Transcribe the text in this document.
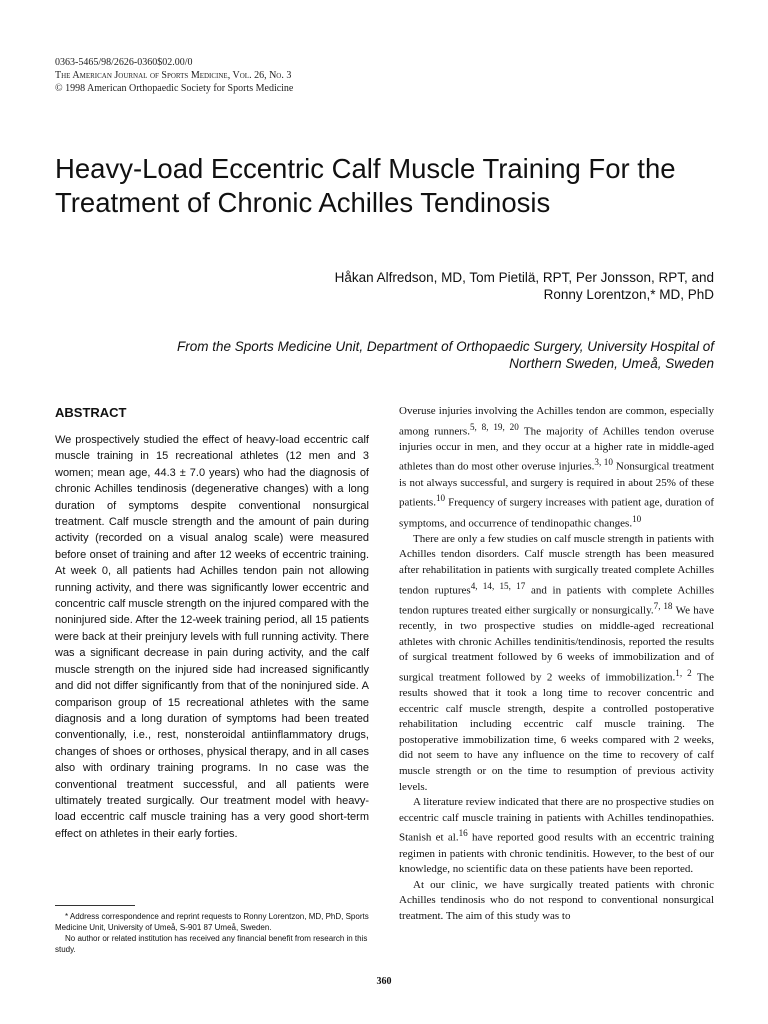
0363-5465/98/2626-0360$02.00/0
The American Journal of Sports Medicine, Vol. 26, No. 3
© 1998 American Orthopaedic Society for Sports Medicine
Heavy-Load Eccentric Calf Muscle Training For the Treatment of Chronic Achilles Tendinosis
Håkan Alfredson, MD, Tom Pietilä, RPT, Per Jonsson, RPT, and
Ronny Lorentzon,* MD, PhD
From the Sports Medicine Unit, Department of Orthopaedic Surgery, University Hospital of
Northern Sweden, Umeå, Sweden
ABSTRACT

We prospectively studied the effect of heavy-load eccentric calf muscle training in 15 recreational athletes (12 men and 3 women; mean age, 44.3 ± 7.0 years) who had the diagnosis of chronic Achilles tendinosis (degenerative changes) with a long duration of symptoms despite conventional nonsurgical treatment. Calf muscle strength and the amount of pain during activity (recorded on a visual analog scale) were measured before onset of training and after 12 weeks of eccentric training. At week 0, all patients had Achilles tendon pain not allowing running activity, and there was significantly lower eccentric and concentric calf muscle strength on the injured compared with the noninjured side. After the 12-week training period, all 15 patients were back at their preinjury levels with full running activity. There was a significant decrease in pain during activity, and the calf muscle strength on the injured side had increased significantly and did not differ significantly from that of the noninjured side. A comparison group of 15 recreational athletes with the same diagnosis and a long duration of symptoms had been treated conventionally, i.e., rest, nonsteroidal antiinflammatory drugs, changes of shoes or orthoses, physical therapy, and in all cases also with ordinary training programs. In no case was the conventional treatment successful, and all patients were ultimately treated surgically. Our treatment model with heavy-load eccentric calf muscle training has a very good short-term effect on athletes in their early forties.

* Address correspondence and reprint requests to Ronny Lorentzon, MD, PhD, Sports Medicine Unit, University of Umeå, S-901 87 Umeå, Sweden.

No author or related institution has received any financial benefit from research in this study.

Overuse injuries involving the Achilles tendon are common, especially among runners.$^{5, 8, 19, 20}$ The majority of Achilles tendon overuse injuries occur in men, and they occur at a higher rate in middle-aged athletes than do most other overuse injuries.$^{3, 10}$ Nonsurgical treatment is not always successful, and surgery is required in about 25% of these patients.$^{10}$ Frequency of surgery increases with patient age, duration of symptoms, and occurrence of tendinopathic changes.$^{10}$

There are only a few studies on calf muscle strength in patients with Achilles tendon disorders. Calf muscle strength has been measured after rehabilitation in patients with surgically treated complete Achilles tendon ruptures$^{4, 14, 15, 17}$ and in patients with complete Achilles tendon ruptures treated either surgically or nonsurgically.$^{7, 18}$ We have recently, in two prospective studies on middle-aged recreational athletes with chronic Achilles tendinitis/tendinosis, reported the results of surgical treatment followed by 6 weeks of immobilization and of surgical treatment followed by 2 weeks of immobilization.$^{1, 2}$ The results showed that it took a long time to recover concentric and eccentric calf muscle strength, despite a controlled postoperative rehabilitation including eccentric calf muscle training. The postoperative immobilization time, 6 weeks compared with 2 weeks, did not seem to have any influence on the time to recovery of calf muscle strength or on the time to resumption of previous activity levels.

A literature review indicated that there are no prospective studies on eccentric calf muscle training in patients with Achilles tendinopathies. Stanish et al.$^{16}$ have reported good results with an eccentric training regimen in patients with chronic tendinitis. However, to the best of our knowledge, no scientific data on these patients have been reported.

At our clinic, we have surgically treated patients with chronic Achilles tendinosis who do not respond to conventional nonsurgical treatment. The aim of this study was to

360
